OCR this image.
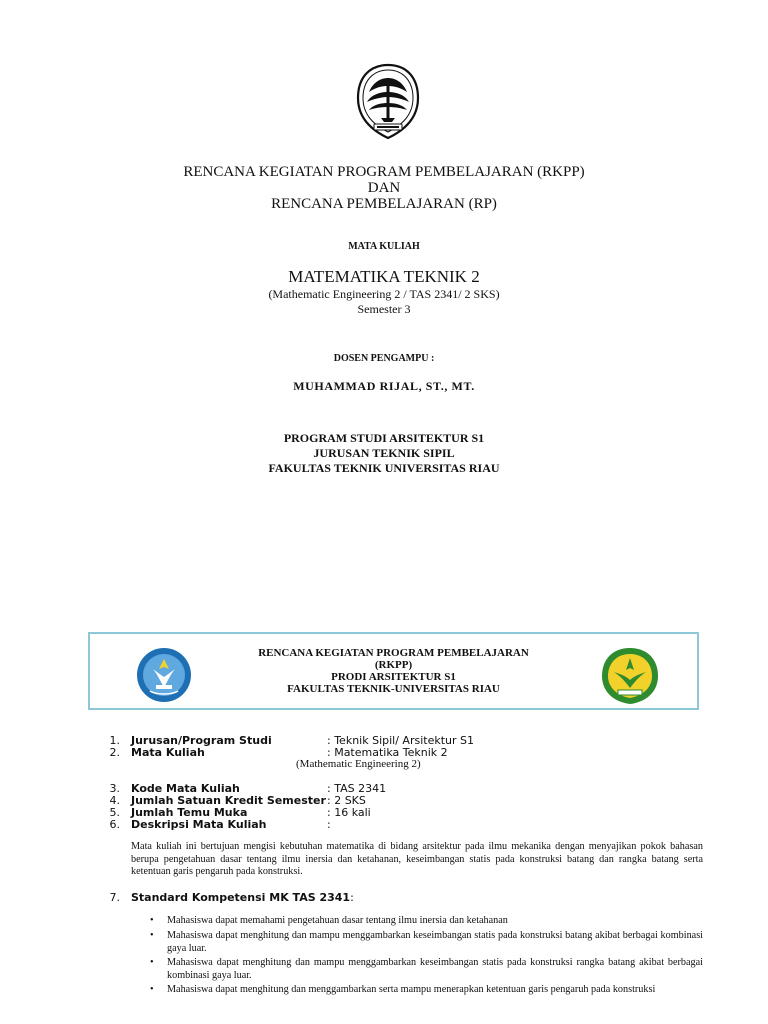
RENCANA KEGIATAN PROGRAM PEMBELAJARAN (RKPP)
DAN
RENCANA PEMBELAJARAN (RP)
MATA KULIAH
MATEMATIKA TEKNIK 2
(Mathematic Engineering 2 / TAS 2341/ 2 SKS)
Semester 3
DOSEN PENGAMPU :
MUHAMMAD RIJAL, ST., MT.
PROGRAM STUDI ARSITEKTUR S1
JURUSAN TEKNIK SIPIL
FAKULTAS TEKNIK UNIVERSITAS RIAU
RENCANA KEGIATAN PROGRAM PEMBELAJARAN
(RKPP)
PRODI ARSITEKTUR S1
FAKULTAS TEKNIK-UNIVERSITAS RIAU
1. Jurusan/Program Studi	: Teknik Sipil/ Arsitektur S1
2. Mata Kuliah	: Matematika Teknik 2
(Mathematic Engineering 2)
3. Kode Mata Kuliah	: TAS 2341
4. Jumlah Satuan Kredit Semester : 2 SKS
5. Jumlah Temu Muka	: 16 kali
6. Deskripsi Mata Kuliah	:
Mata kuliah ini bertujuan mengisi kebutuhan matematika di bidang arsitektur pada ilmu mekanika dengan menyajikan pokok bahasan berupa pengetahuan dasar tentang ilmu inersia dan ketahanan, keseimbangan statis pada konstruksi batang dan rangka batang serta ketentuan garis pengaruh pada konstruksi.
7. Standard Kompetensi MK TAS 2341:
• Mahasiswa dapat memahami pengetahuan dasar tentang ilmu inersia dan ketahanan
• Mahasiswa dapat menghitung dan mampu menggambarkan keseimbangan statis pada konstruksi batang akibat berbagai kombinasi gaya luar.
• Mahasiswa dapat menghitung dan mampu menggambarkan keseimbangan statis pada konstruksi rangka batang akibat berbagai kombinasi gaya luar.
• Mahasiswa dapat menghitung dan menggambarkan serta mampu menerapkan ketentuan garis pengaruh pada konstruksi
